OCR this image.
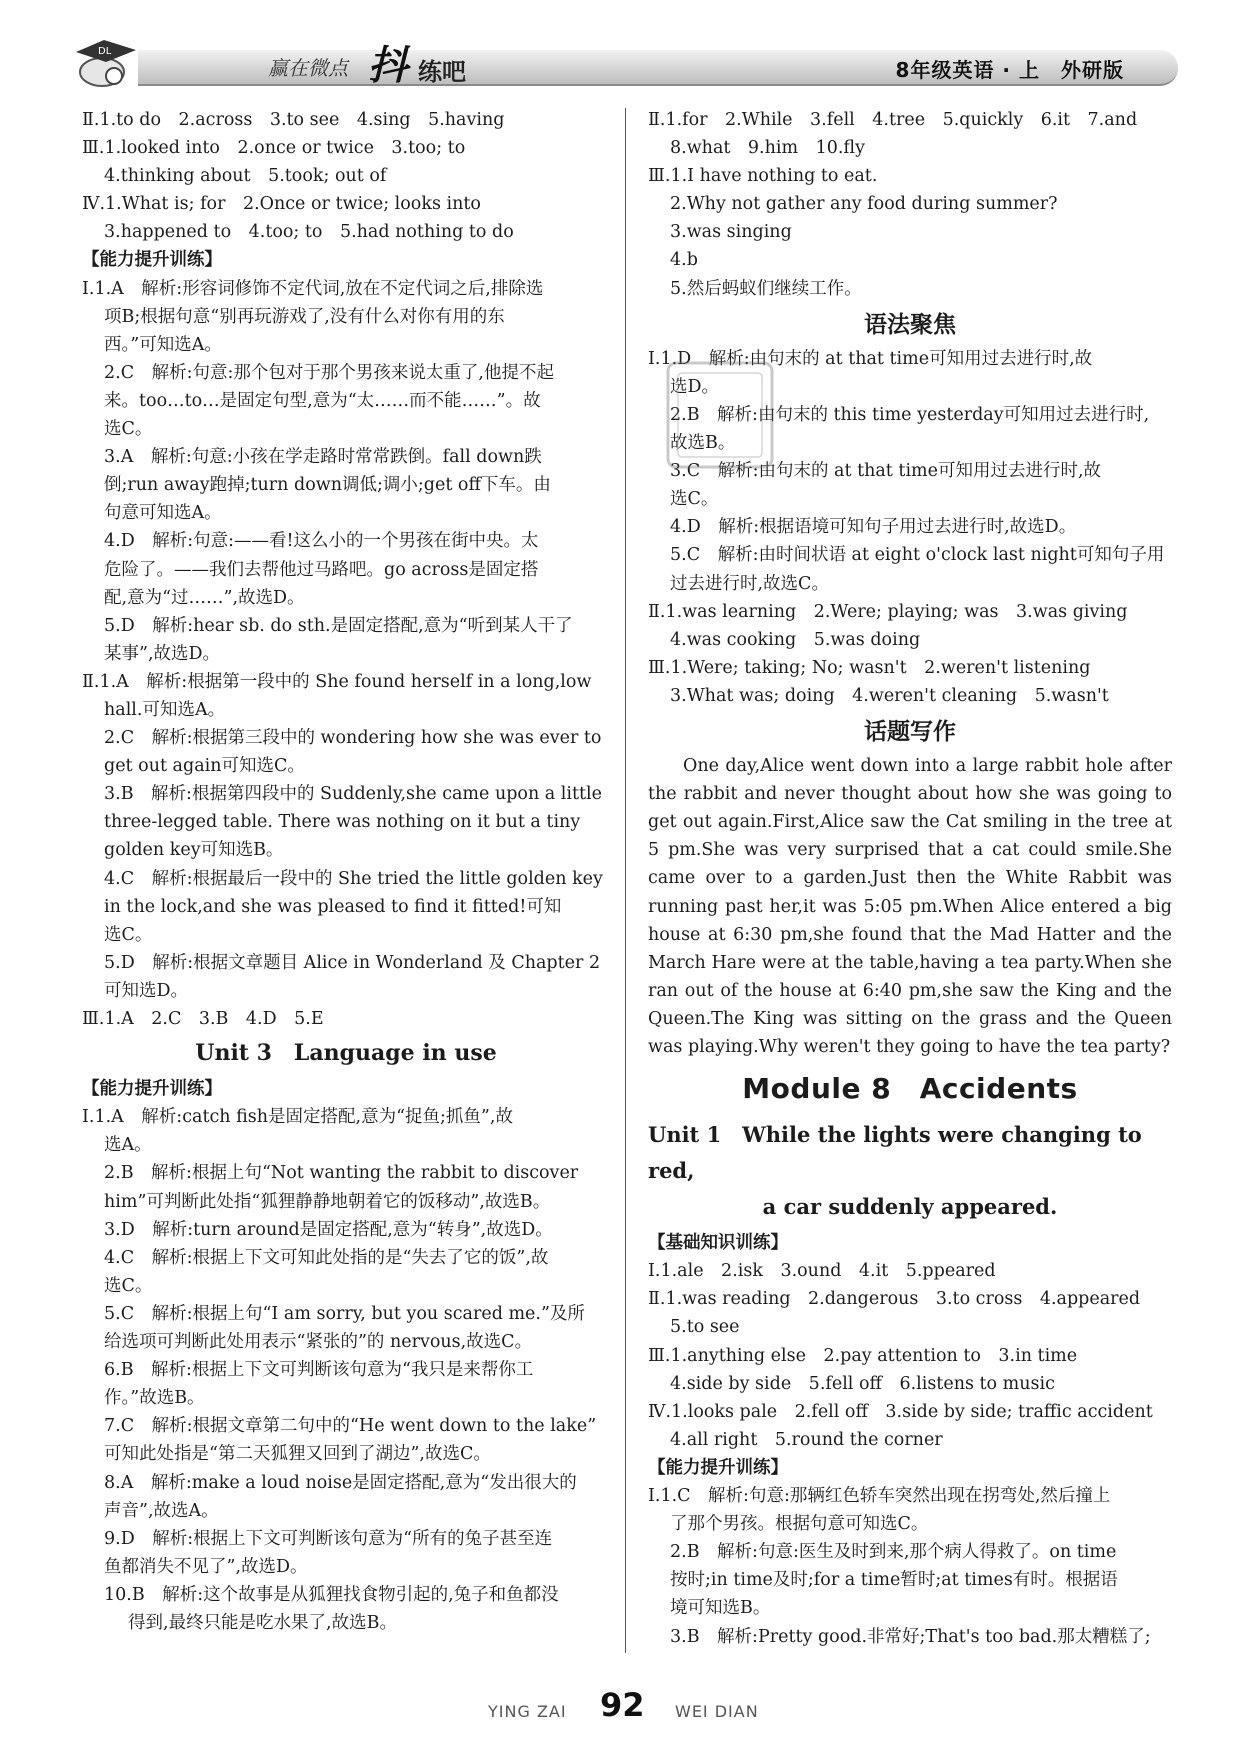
DL
赢在微点 抖 练吧	8年级英语 · 上　外研版
Ⅱ.1.to do　2.across　3.to see　4.sing　5.having
Ⅲ.1.looked into　2.once or twice　3.too; to
4.thinking about　5.took; out of
Ⅳ.1.What is; for　2.Once or twice; looks into
3.happened to　4.too; to　5.had nothing to do
【能力提升训练】
Ⅰ.1.A　解析:形容词修饰不定代词,放在不定代词之后,排除选
项B;根据句意“别再玩游戏了,没有什么对你有用的东
西。”可知选A。
2.C　解析:句意:那个包对于那个男孩来说太重了,他提不起
来。too…to…是固定句型,意为“太……而不能……”。故
选C。
3.A　解析:句意:小孩在学走路时常常跌倒。fall down跌
倒;run away跑掉;turn down调低;调小;get off下车。由
句意可知选A。
4.D　解析:句意:——看!这么小的一个男孩在街中央。太
危险了。——我们去帮他过马路吧。go across是固定搭
配,意为“过……”,故选D。
5.D　解析:hear sb. do sth.是固定搭配,意为“听到某人干了
某事”,故选D。
Ⅱ.1.A　解析:根据第一段中的 She found herself in a long,low
hall.可知选A。
2.C　解析:根据第三段中的 wondering how she was ever to
get out again可知选C。
3.B　解析:根据第四段中的 Suddenly,she came upon a little
three-legged table. There was nothing on it but a tiny
golden key可知选B。
4.C　解析:根据最后一段中的 She tried the little golden key
in the lock,and she was pleased to find it fitted!可知
选C。
5.D　解析:根据文章题目 Alice in Wonderland 及 Chapter 2
可知选D。
Ⅲ.1.A　2.C　3.B　4.D　5.E
Unit 3　Language in use
【能力提升训练】
Ⅰ.1.A　解析:catch fish是固定搭配,意为“捉鱼;抓鱼”,故
选A。
2.B　解析:根据上句“Not wanting the rabbit to discover
him”可判断此处指“狐狸静静地朝着它的饭移动”,故选B。
3.D　解析:turn around是固定搭配,意为“转身”,故选D。
4.C　解析:根据上下文可知此处指的是“失去了它的饭”,故
选C。
5.C　解析:根据上句“I am sorry, but you scared me.”及所
给选项可判断此处用表示“紧张的”的 nervous,故选C。
6.B　解析:根据上下文可判断该句意为“我只是来帮你工
作。”故选B。
7.C　解析:根据文章第二句中的“He went down to the lake”
可知此处指是“第二天狐狸又回到了湖边”,故选C。
8.A　解析:make a loud noise是固定搭配,意为“发出很大的
声音”,故选A。
9.D　解析:根据上下文可判断该句意为“所有的兔子甚至连
鱼都消失不见了”,故选D。
10.B　解析:这个故事是从狐狸找食物引起的,兔子和鱼都没
得到,最终只能是吃水果了,故选B。
Ⅱ.1.for　2.While　3.fell　4.tree　5.quickly　6.it　7.and
8.what　9.him　10.fly
Ⅲ.1.I have nothing to eat.
2.Why not gather any food during summer?
3.was singing
4.b
5.然后蚂蚁们继续工作。
语法聚焦
Ⅰ.1.D　解析:由句末的 at that time可知用过去进行时,故
选D。
2.B　解析:由句末的 this time yesterday可知用过去进行时,
故选B。
3.C　解析:由句末的 at that time可知用过去进行时,故
选C。
4.D　解析:根据语境可知句子用过去进行时,故选D。
5.C　解析:由时间状语 at eight o'clock last night可知句子用
过去进行时,故选C。
Ⅱ.1.was learning　2.Were; playing; was　3.was giving
4.was cooking　5.was doing
Ⅲ.1.Were; taking; No; wasn't　2.weren't listening
3.What was; doing　4.weren't cleaning　5.wasn't
话题写作

One day,Alice went down into a large rabbit hole after the rabbit and never thought about how she was going to get out again.First,Alice saw the Cat smiling in the tree at 5 pm.She was very surprised that a cat could smile.She came over to a garden.Just then the White Rabbit was running past her,it was 5:05 pm.When Alice entered a big house at 6:30 pm,she found that the Mad Hatter and the March Hare were at the table,having a tea party.When she ran out of the house at 6:40 pm,she saw the King and the Queen.The King was sitting on the grass and the Queen was playing.Why weren't they going to have the tea party?

Module 8　Accidents
Unit 1　While the lights were changing to red,
a car suddenly appeared.
【基础知识训练】
Ⅰ.1.ale　2.isk　3.ound　4.it　5.ppeared
Ⅱ.1.was reading　2.dangerous　3.to cross　4.appeared
5.to see
Ⅲ.1.anything else　2.pay attention to　3.in time
4.side by side　5.fell off　6.listens to music
Ⅳ.1.looks pale　2.fell off　3.side by side; traffic accident
4.all right　5.round the corner
【能力提升训练】
Ⅰ.1.C　解析:句意:那辆红色轿车突然出现在拐弯处,然后撞上
了那个男孩。根据句意可知选C。
2.B　解析:句意:医生及时到来,那个病人得救了。on time
按时;in time及时;for a time暂时;at times有时。根据语
境可知选B。
3.B　解析:Pretty good.非常好;That's too bad.那太糟糕了;
YING ZAI 92 WEI DIAN
